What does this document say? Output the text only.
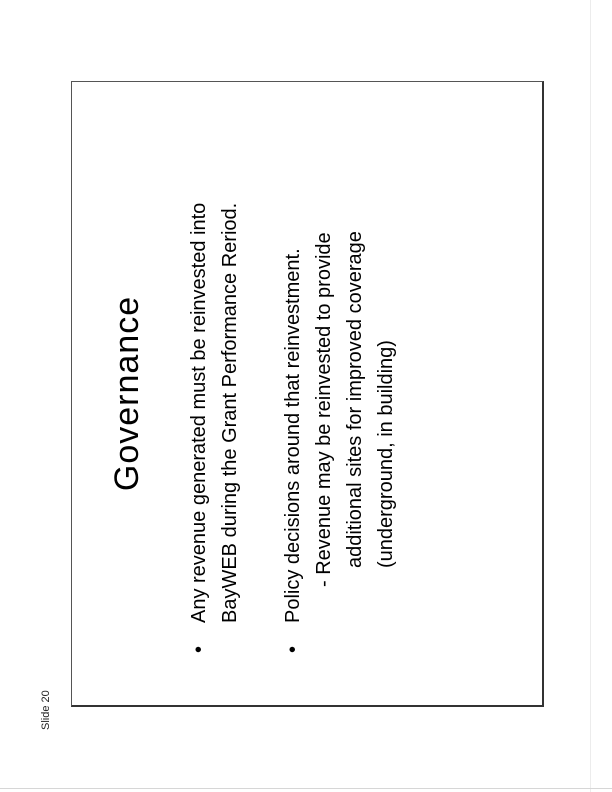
Slide 20
Governance
•
Any revenue generated must be reinvested into BayWEB during the Grant Performance Reriod.
•
Policy decisions around that reinvestment. - Revenue may be reinvested to provide additional sites for improved coverage (underground, in building)
